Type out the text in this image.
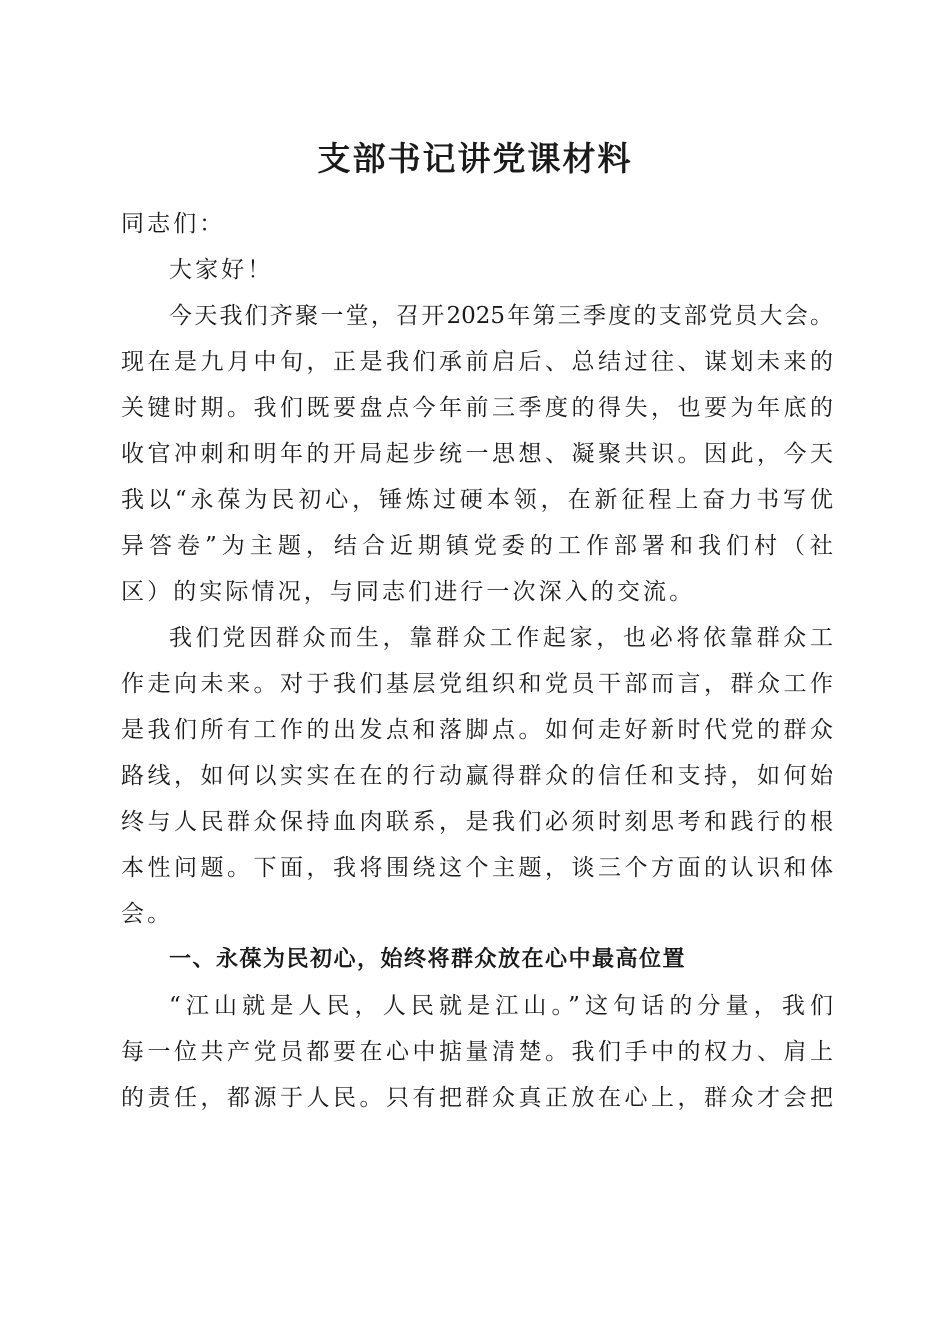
支部书记讲党课材料
同志们：
大家好！
今天我们齐聚一堂，召开2025年第三季度的支部党员大会。
现在是九月中旬，正是我们承前启后、总结过往、谋划未来的
关键时期。我们既要盘点今年前三季度的得失，也要为年底的
收官冲刺和明年的开局起步统一思想、凝聚共识。因此，今天
我以“永葆为民初心，锤炼过硬本领，在新征程上奋力书写优
异答卷”为主题，结合近期镇党委的工作部署和我们村（社
区）的实际情况，与同志们进行一次深入的交流。
我们党因群众而生，靠群众工作起家，也必将依靠群众工
作走向未来。对于我们基层党组织和党员干部而言，群众工作
是我们所有工作的出发点和落脚点。如何走好新时代党的群众
路线，如何以实实在在的行动赢得群众的信任和支持，如何始
终与人民群众保持血肉联系，是我们必须时刻思考和践行的根
本性问题。下面，我将围绕这个主题，谈三个方面的认识和体
会。
一、永葆为民初心，始终将群众放在心中最高位置
“江山就是人民，人民就是江山。”这句话的分量，我们
每一位共产党员都要在心中掂量清楚。我们手中的权力、肩上
的责任，都源于人民。只有把群众真正放在心上，群众才会把
